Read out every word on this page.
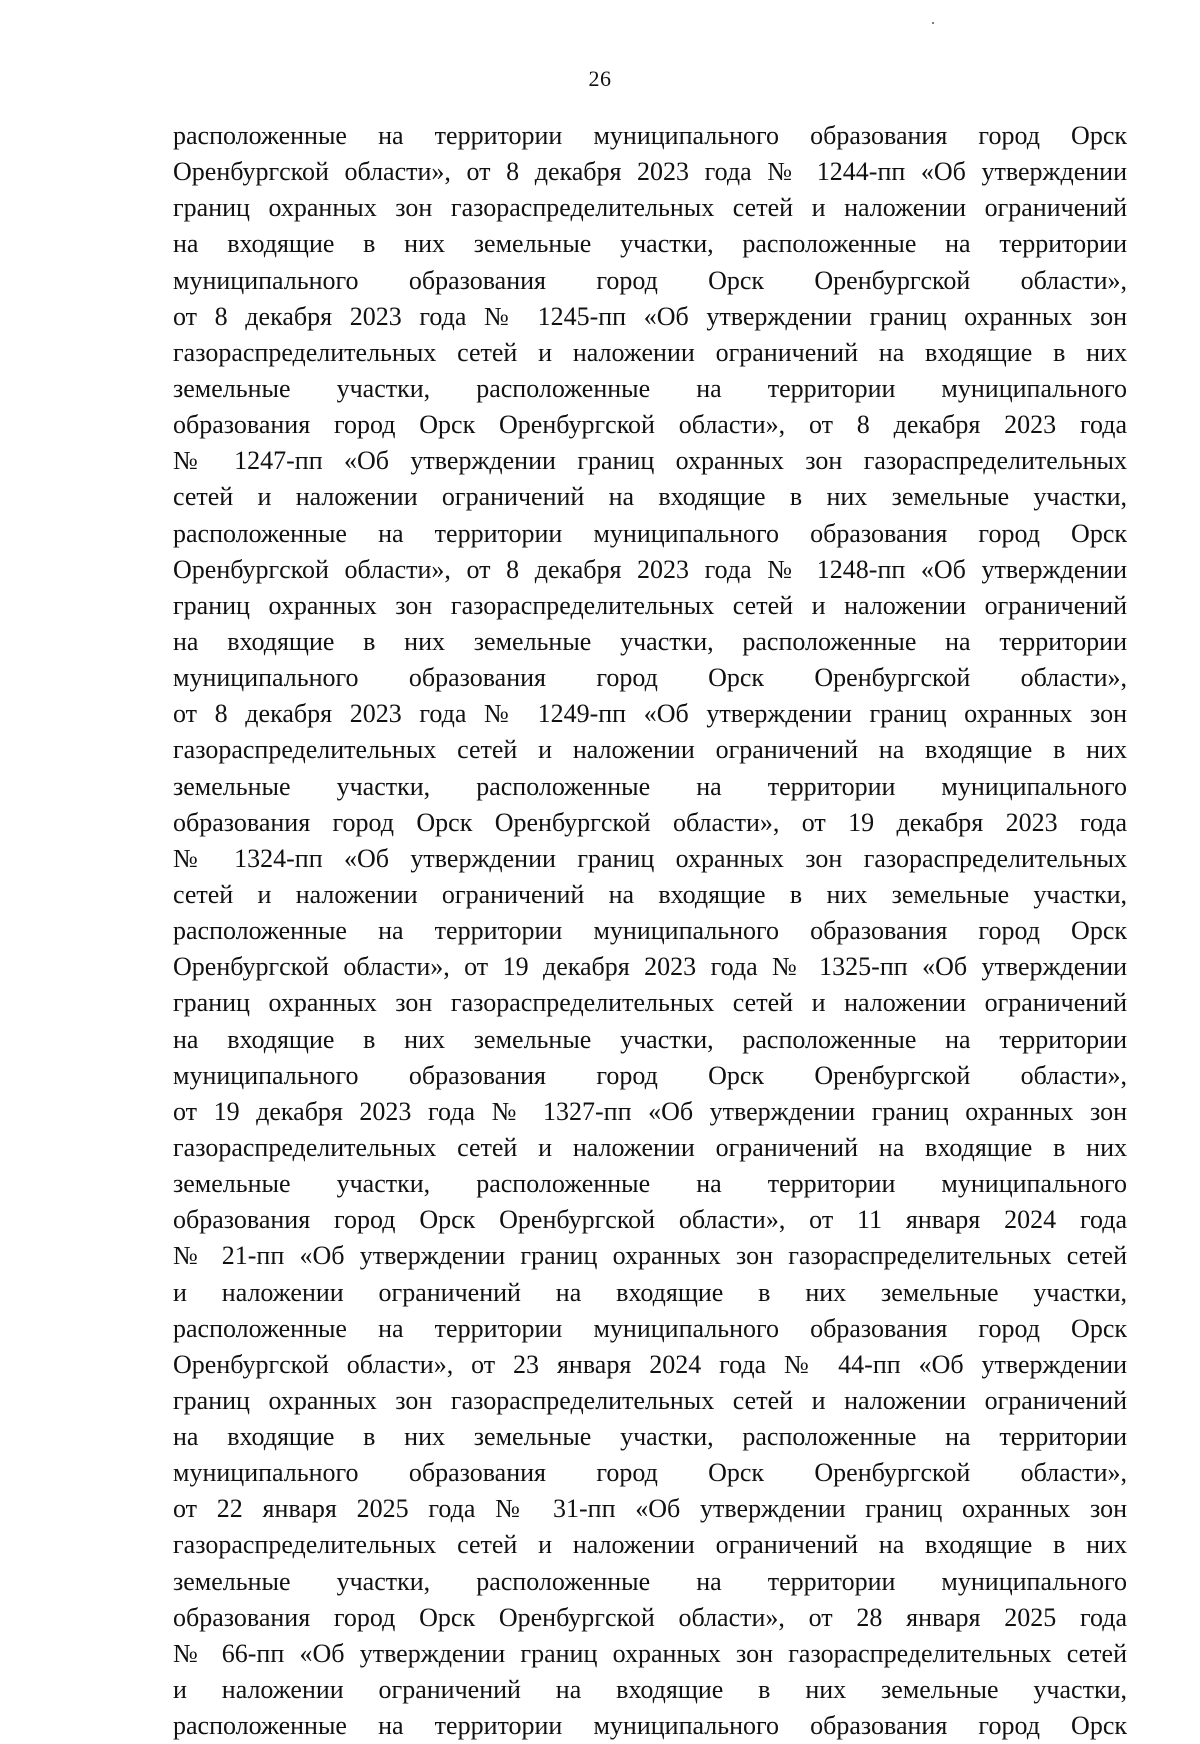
26
расположенные на территории муниципального образования город Орск
Оренбургской области», от 8 декабря 2023 года № 1244-пп «Об утверждении
границ охранных зон газораспределительных сетей и наложении ограничений
на входящие в них земельные участки, расположенные на территории
муниципального образования город Орск Оренбургской области»,
от 8 декабря 2023 года № 1245-пп «Об утверждении границ охранных зон
газораспределительных сетей и наложении ограничений на входящие в них
земельные участки, расположенные на территории муниципального
образования город Орск Оренбургской области», от 8 декабря 2023 года
№ 1247-пп «Об утверждении границ охранных зон газораспределительных
сетей и наложении ограничений на входящие в них земельные участки,
расположенные на территории муниципального образования город Орск
Оренбургской области», от 8 декабря 2023 года № 1248-пп «Об утверждении
границ охранных зон газораспределительных сетей и наложении ограничений
на входящие в них земельные участки, расположенные на территории
муниципального образования город Орск Оренбургской области»,
от 8 декабря 2023 года № 1249-пп «Об утверждении границ охранных зон
газораспределительных сетей и наложении ограничений на входящие в них
земельные участки, расположенные на территории муниципального
образования город Орск Оренбургской области», от 19 декабря 2023 года
№ 1324-пп «Об утверждении границ охранных зон газораспределительных
сетей и наложении ограничений на входящие в них земельные участки,
расположенные на территории муниципального образования город Орск
Оренбургской области», от 19 декабря 2023 года № 1325-пп «Об утверждении
границ охранных зон газораспределительных сетей и наложении ограничений
на входящие в них земельные участки, расположенные на территории
муниципального образования город Орск Оренбургской области»,
от 19 декабря 2023 года № 1327-пп «Об утверждении границ охранных зон
газораспределительных сетей и наложении ограничений на входящие в них
земельные участки, расположенные на территории муниципального
образования город Орск Оренбургской области», от 11 января 2024 года
№ 21-пп «Об утверждении границ охранных зон газораспределительных сетей
и наложении ограничений на входящие в них земельные участки,
расположенные на территории муниципального образования город Орск
Оренбургской области», от 23 января 2024 года № 44-пп «Об утверждении
границ охранных зон газораспределительных сетей и наложении ограничений
на входящие в них земельные участки, расположенные на территории
муниципального образования город Орск Оренбургской области»,
от 22 января 2025 года № 31-пп «Об утверждении границ охранных зон
газораспределительных сетей и наложении ограничений на входящие в них
земельные участки, расположенные на территории муниципального
образования город Орск Оренбургской области», от 28 января 2025 года
№ 66-пп «Об утверждении границ охранных зон газораспределительных сетей
и наложении ограничений на входящие в них земельные участки,
расположенные на территории муниципального образования город Орск
